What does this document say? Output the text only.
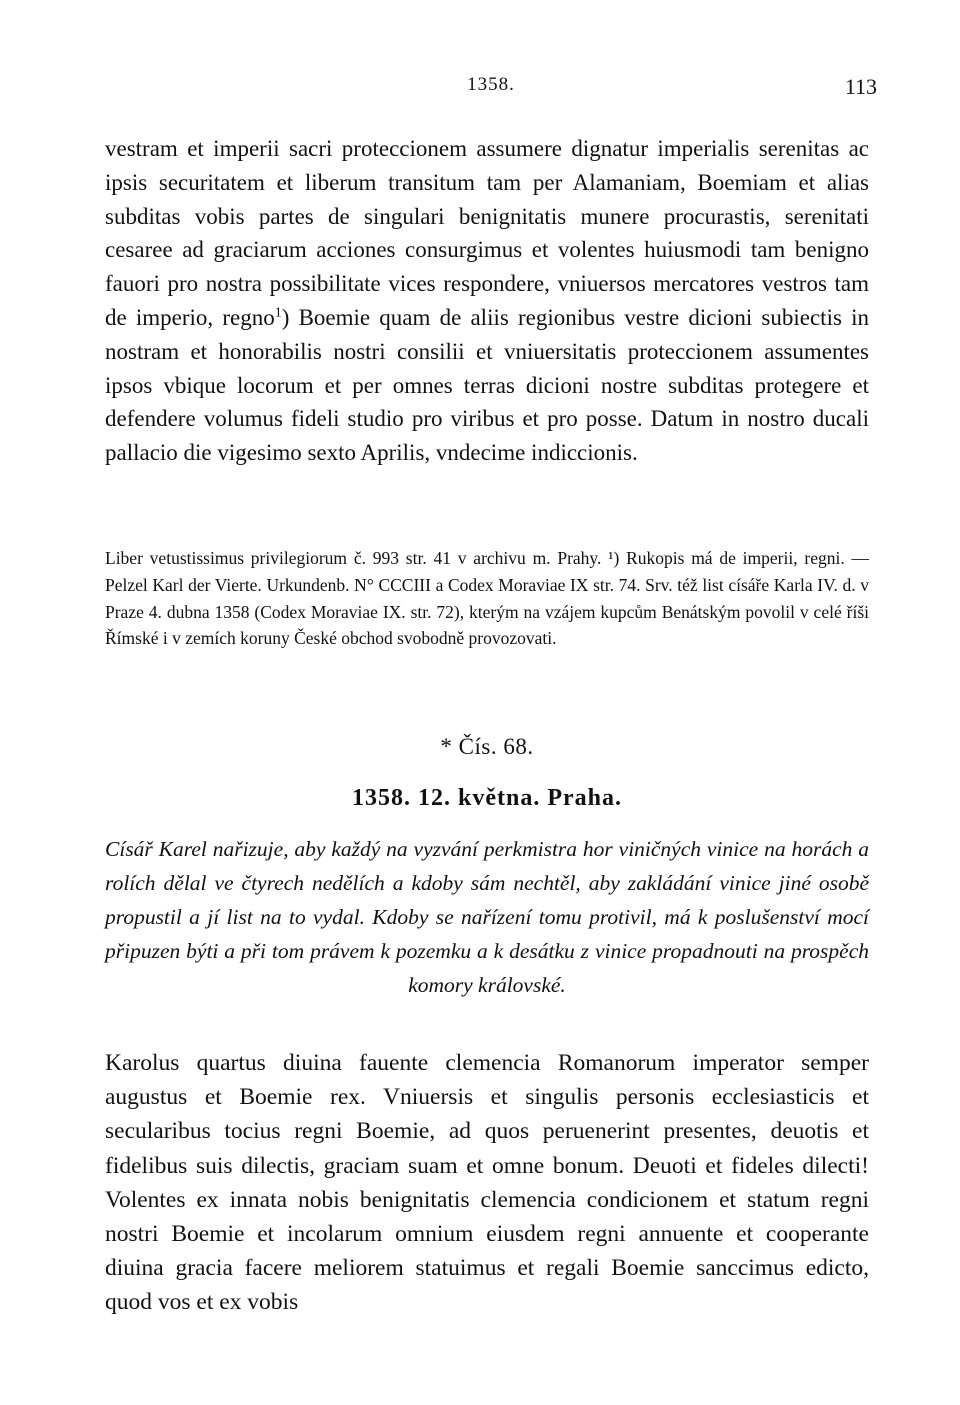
1358.	113

vestram et imperii sacri proteccionem assumere dignatur imperialis serenitas ac ipsis securitatem et liberum transitum tam per Alamaniam, Boemiam et alias subditas vobis partes de singulari benignitatis munere procurastis, serenitati cesaree ad graciarum acciones consurgimus et volentes huiusmodi tam benigno fauori pro nostra possibilitate vices respondere, vniuersos mercatores vestros tam de imperio, regno$^1$) Boemie quam de aliis regionibus vestre dicioni subiectis in nostram et honorabilis nostri consilii et vniuersitatis proteccionem assumentes ipsos vbique locorum et per omnes terras dicioni nostre subditas protegere et defendere volumus fideli studio pro viribus et pro posse. Datum in nostro ducali pallacio die vigesimo sexto Aprilis, vndecime indiccionis.

Liber vetustissimus privilegiorum č. 993 str. 41 v archivu m. Prahy. ¹) Rukopis má de imperii, regni. — Pelzel Karl der Vierte. Urkundenb. N° CCCIII a Codex Moraviae IX str. 74. Srv. též list císáře Karla IV. d. v Praze 4. dubna 1358 (Codex Moraviae IX. str. 72), kterým na vzájem kupcům Benátským povolil v celé říši Římské i v zemích koruny České obchod svobodně provozovati.

* Čís. 68.
1358. 12. května. Praha.

Císář Karel nařizuje, aby každý na vyzvání perkmistra hor viničných vinice na horách a rolích dělal ve čtyrech nedělích a kdoby sám nechtěl, aby zakládání vinice jiné osobě propustil a jí list na to vydal. Kdoby se nařízení tomu protivil, má k poslušenství mocí připuzen býti a při tom právem k pozemku a k desátku z vinice propadnouti na prospěch komory královské.

Karolus quartus diuina fauente clemencia Romanorum imperator semper augustus et Boemie rex. Vniuersis et singulis personis ecclesiasticis et secularibus tocius regni Boemie, ad quos peruenerint presentes, deuotis et fidelibus suis dilectis, graciam suam et omne bonum. Deuoti et fideles dilecti! Volentes ex innata nobis benignitatis clemencia condicionem et statum regni nostri Boemie et incolarum omnium eiusdem regni annuente et cooperante diuina gracia facere meliorem statuimus et regali Boemie sanccimus edicto, quod vos et ex vobis
